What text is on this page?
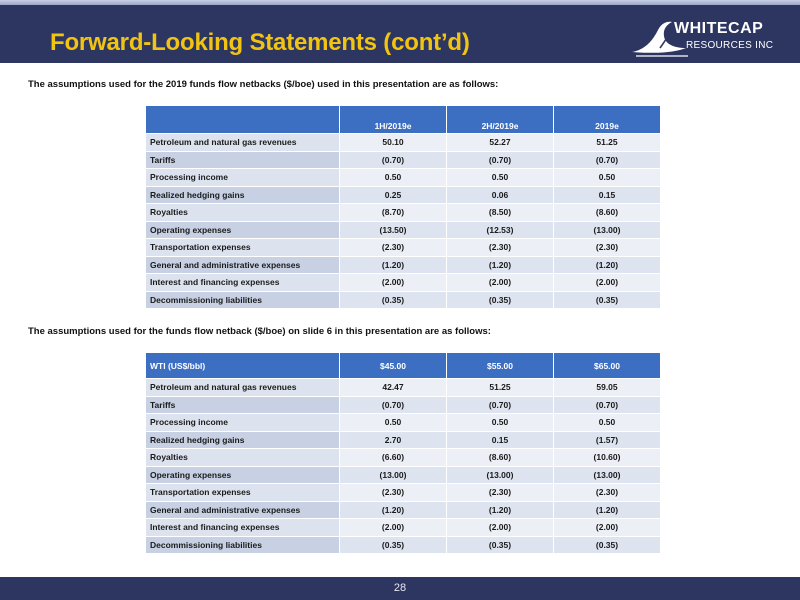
Forward-Looking Statements (cont’d)
WHITECAP
RESOURCES INC
The assumptions used for the 2019 funds flow netbacks ($/boe) used in this presentation are as follows:
	1H/2019e	2H/2019e	2019e
Petroleum and natural gas revenues	50.10	52.27	51.25
Tariffs	(0.70)	(0.70)	(0.70)
Processing income	0.50	0.50	0.50
Realized hedging gains	0.25	0.06	0.15
Royalties	(8.70)	(8.50)	(8.60)
Operating expenses	(13.50)	(12.53)	(13.00)
Transportation expenses	(2.30)	(2.30)	(2.30)
General and administrative expenses	(1.20)	(1.20)	(1.20)
Interest and financing expenses	(2.00)	(2.00)	(2.00)
Decommissioning liabilities	(0.35)	(0.35)	(0.35)
The assumptions used for the funds flow netback ($/boe) on slide 6 in this presentation are as follows:
WTI (US$/bbl)	$45.00	$55.00	$65.00
Petroleum and natural gas revenues	42.47	51.25	59.05
Tariffs	(0.70)	(0.70)	(0.70)
Processing income	0.50	0.50	0.50
Realized hedging gains	2.70	0.15	(1.57)
Royalties	(6.60)	(8.60)	(10.60)
Operating expenses	(13.00)	(13.00)	(13.00)
Transportation expenses	(2.30)	(2.30)	(2.30)
General and administrative expenses	(1.20)	(1.20)	(1.20)
Interest and financing expenses	(2.00)	(2.00)	(2.00)
Decommissioning liabilities	(0.35)	(0.35)	(0.35)
28
